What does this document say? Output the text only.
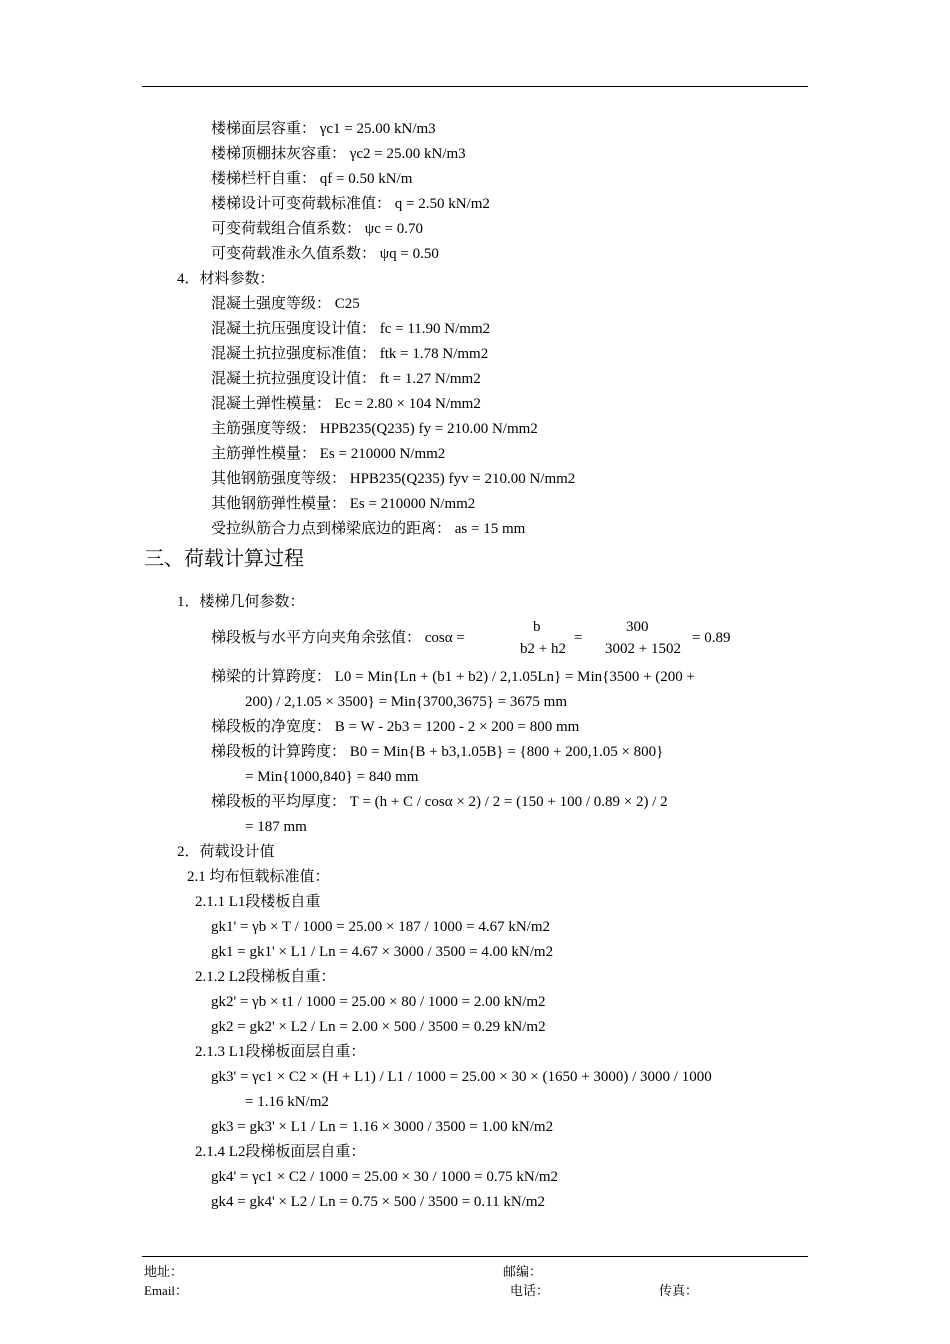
楼梯面层容重： γc1 = 25.00 kN/m3
楼梯顶棚抹灰容重： γc2 = 25.00 kN/m3
楼梯栏杆自重： qf = 0.50 kN/m
楼梯设计可变荷载标准值： q = 2.50 kN/m2
可变荷载组合值系数： ψc = 0.70
可变荷载准永久值系数： ψq = 0.50
4．材料参数：
混凝土强度等级： C25
混凝土抗压强度设计值： fc = 11.90 N/mm2
混凝土抗拉强度标准值： ftk = 1.78 N/mm2
混凝土抗拉强度设计值： ft = 1.27 N/mm2
混凝土弹性模量： Ec = 2.80 × 104 N/mm2
主筋强度等级： HPB235(Q235) fy = 210.00 N/mm2
主筋弹性模量： Es = 210000 N/mm2
其他钢筋强度等级： HPB235(Q235) fyv = 210.00 N/mm2
其他钢筋弹性模量： Es = 210000 N/mm2
受拉纵筋合力点到梯梁底边的距离： as = 15 mm
三、荷载计算过程
1．楼梯几何参数：
梯段板与水平方向夹角余弦值： cosα =
b
b2 + h2
=
300
3002 + 1502
= 0.89
梯梁的计算跨度： L0 = Min{Ln + (b1 + b2) / 2,1.05Ln} = Min{3500 + (200 +
200) / 2,1.05 × 3500} = Min{3700,3675} = 3675 mm
梯段板的净宽度： B = W - 2b3 = 1200 - 2 × 200 = 800 mm
梯段板的计算跨度： B0 = Min{B + b3,1.05B} = {800 + 200,1.05 × 800}
= Min{1000,840} = 840 mm
梯段板的平均厚度： T = (h + C / cosα × 2) / 2 = (150 + 100 / 0.89 × 2) / 2
= 187 mm
2．荷载设计值
2.1 均布恒载标准值：
2.1.1 L1段楼板自重
gk1' = γb × T / 1000 = 25.00 × 187 / 1000 = 4.67 kN/m2
gk1 = gk1' × L1 / Ln = 4.67 × 3000 / 3500 = 4.00 kN/m2
2.1.2 L2段梯板自重：
gk2' = γb × t1 / 1000 = 25.00 × 80 / 1000 = 2.00 kN/m2
gk2 = gk2' × L2 / Ln = 2.00 × 500 / 3500 = 0.29 kN/m2
2.1.3 L1段梯板面层自重：
gk3' = γc1 × C2 × (H + L1) / L1 / 1000 = 25.00 × 30 × (1650 + 3000) / 3000 / 1000
= 1.16 kN/m2
gk3 = gk3' × L1 / Ln = 1.16 × 3000 / 3500 = 1.00 kN/m2
2.1.4 L2段梯板面层自重：
gk4' = γc1 × C2 / 1000 = 25.00 × 30 / 1000 = 0.75 kN/m2
gk4 = gk4' × L2 / Ln = 0.75 × 500 / 3500 = 0.11 kN/m2
地址：	邮编：
Email：	电话：	传真：
